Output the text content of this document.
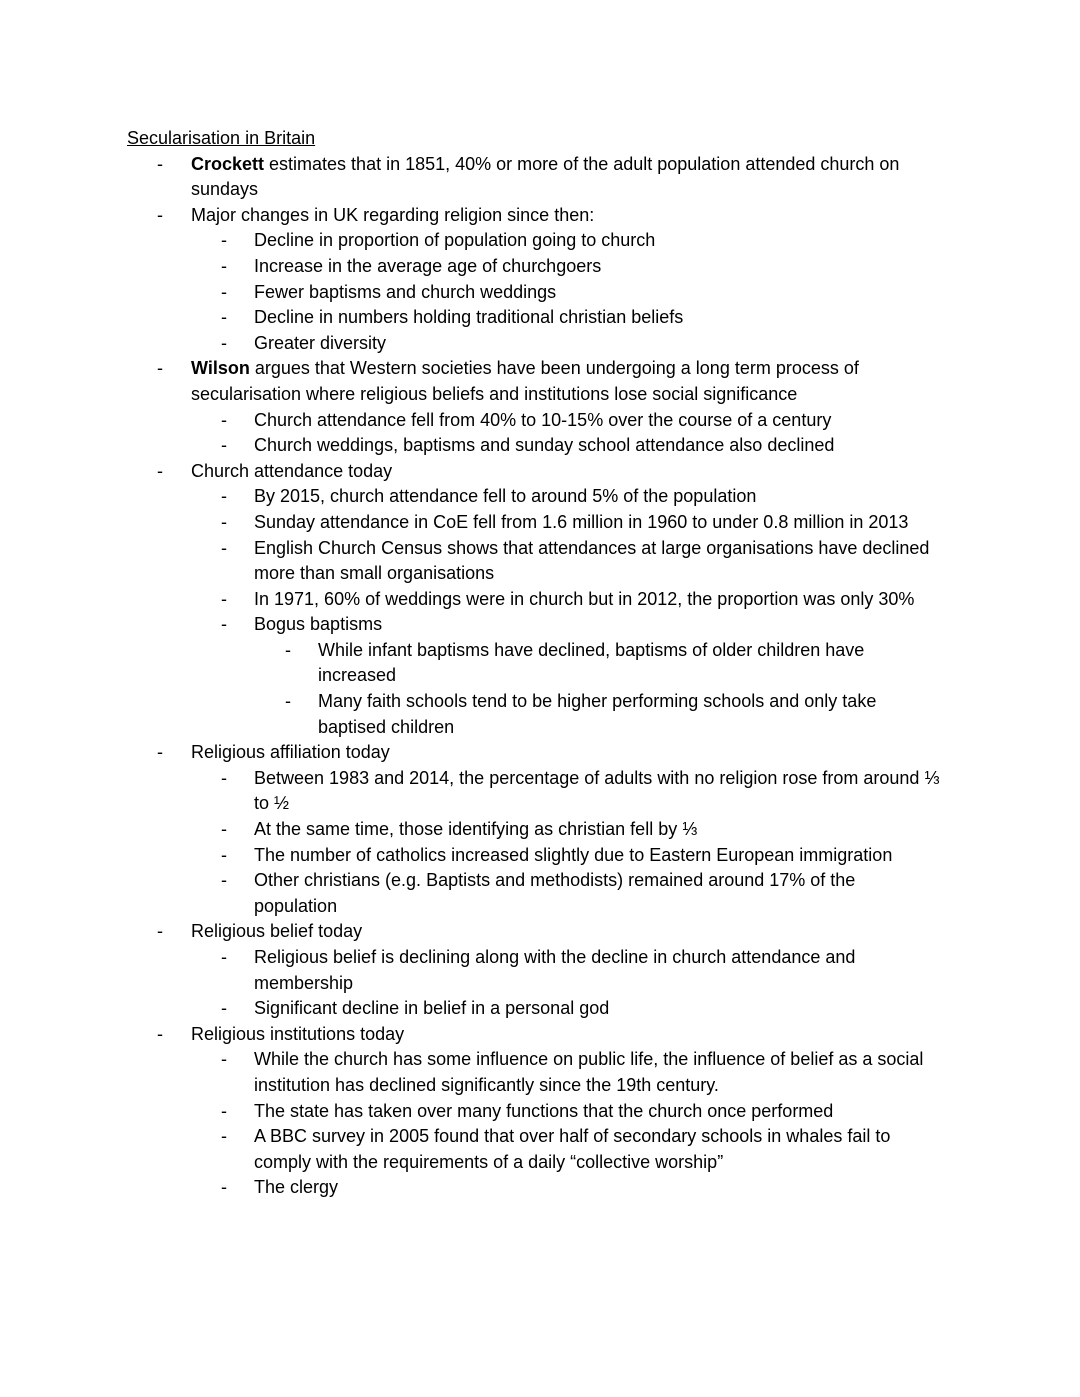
Secularisation in Britain
- Crockett estimates that in 1851, 40% or more of the adult population attended church on sundays
- Major changes in UK regarding religion since then:
- Decline in proportion of population going to church
- Increase in the average age of churchgoers
- Fewer baptisms and church weddings
- Decline in numbers holding traditional christian beliefs
- Greater diversity
- Wilson argues that Western societies have been undergoing a long term process of secularisation where religious beliefs and institutions lose social significance
- Church attendance fell from 40% to 10-15% over the course of a century
- Church weddings, baptisms and sunday school attendance also declined
- Church attendance today
- By 2015, church attendance fell to around 5% of the population
- Sunday attendance in CoE fell from 1.6 million in 1960 to under 0.8 million in 2013
- English Church Census shows that attendances at large organisations have declined more than small organisations
- In 1971, 60% of weddings were in church but in 2012, the proportion was only 30%
- Bogus baptisms
- While infant baptisms have declined, baptisms of older children have increased
- Many faith schools tend to be higher performing schools and only take baptised children
- Religious affiliation today
- Between 1983 and 2014, the percentage of adults with no religion rose from around ⅓ to ½
- At the same time, those identifying as christian fell by ⅓
- The number of catholics increased slightly due to Eastern European immigration
- Other christians (e.g. Baptists and methodists) remained around 17% of the population
- Religious belief today
- Religious belief is declining along with the decline in church attendance and membership
- Significant decline in belief in a personal god
- Religious institutions today
- While the church has some influence on public life, the influence of belief as a social institution has declined significantly since the 19th century.
- The state has taken over many functions that the church once performed
- A BBC survey in 2005 found that over half of secondary schools in whales fail to comply with the requirements of a daily “collective worship”
- The clergy
